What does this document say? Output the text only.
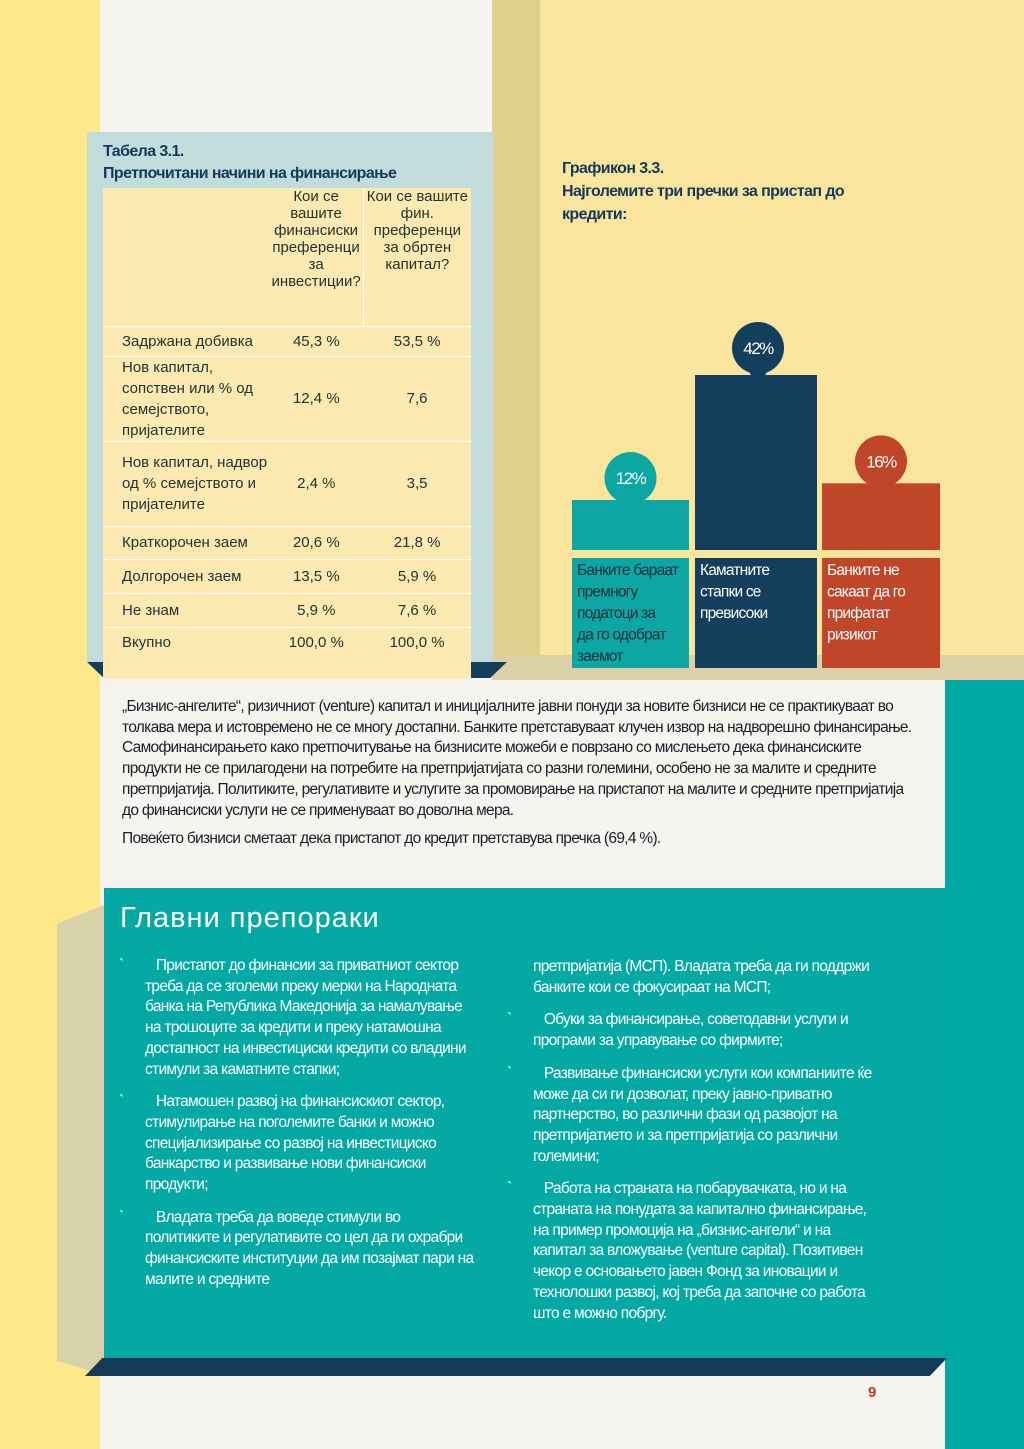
Табела 3.1.
Претпочитани начини на финансирање
	Кои се вашите финансиски преференци за инвестиции?	Кои се вашите фин. преференци за обртен капитал?
Задржана добивка	45,3 %	53,5 %
Нов капитал, сопствен или % од семејството, пријателите	12,4 %	7,6
Нов капитал, надвор од % семејството и пријателите	2,4 %	3,5
Краткорочен заем	20,6 %	21,8 %
Долгорочен заем	13,5 %	5,9 %
Не знам	5,9 %	7,6 %
Вкупно	100,0 %	100,0 %
Графикон 3.3.
Најголемите три пречки за пристап до
кредити:
12%
Банките бараат
премногу
податоци за
да го одобрат
заемот
42%
Каматните
стапки се
превисоки
16%
Банките не
сакаат да го
прифатат
ризикот

„Бизнис-ангелите“, ризичниот (venture) капитал и иницијалните јавни понуди за новите бизниси не се практикуваат во толкава мера и истовремено не се многу достапни. Банките претставуваат клучен извор на надворешно финансирање. Самофинансирањето како претпочитување на бизнисите можеби е поврзано со мислењето дека финансиските продукти не се прилагодени на потребите на претпријатијата со разни големини, особено не за малите и средните претпријатија. Политиките, регулативите и услугите за промовирање на пристапот на малите и средните претпријатија до финансиски услуги не се применуваат во доволна мера.

Повеќето бизниси сметаат дека пристапот до кредит претставува пречка (69,4 %).

Главни препораки

` Пристапот до финансии за приватниот сектор треба да се зголеми преку мерки на Народната банка на Република Македонија за намалување на трошоците за кредити и преку натамошна достапност на инвестициски кредити со владини стимули за каматните стапки;

` Натамошен развој на финансискиот сектор, стимулирање на поголемите банки и можно специјализирање со развој на инвестициско банкарство и развивање нови финансиски продукти;

` Владата треба да воведе стимули во политиките и регулативите со цел да ги охрабри финансиските институции да им позајмат пари на малите и средните

претпријатија (МСП). Владата треба да ги поддржи банките кои се фокусираат на МСП;

` Обуки за финансирање, советодавни услуги и програми за управување со фирмите;

` Развивање финансиски услуги кои компаниите ќе може да си ги дозволат, преку јавно-приватно партнерство, во различни фази од развојот на претпријатието и за претпријатија со различни големини;

` Работа на страната на побарувачката, но и на страната на понудата за капитално финансирање, на пример промоција на „бизнис-ангели“ и на капитал за вложување (venture capital). Позитивен чекор е основањето јавен Фонд за иновации и технолошки развој, кој треба да започне со работа што е можно побргу.

9
